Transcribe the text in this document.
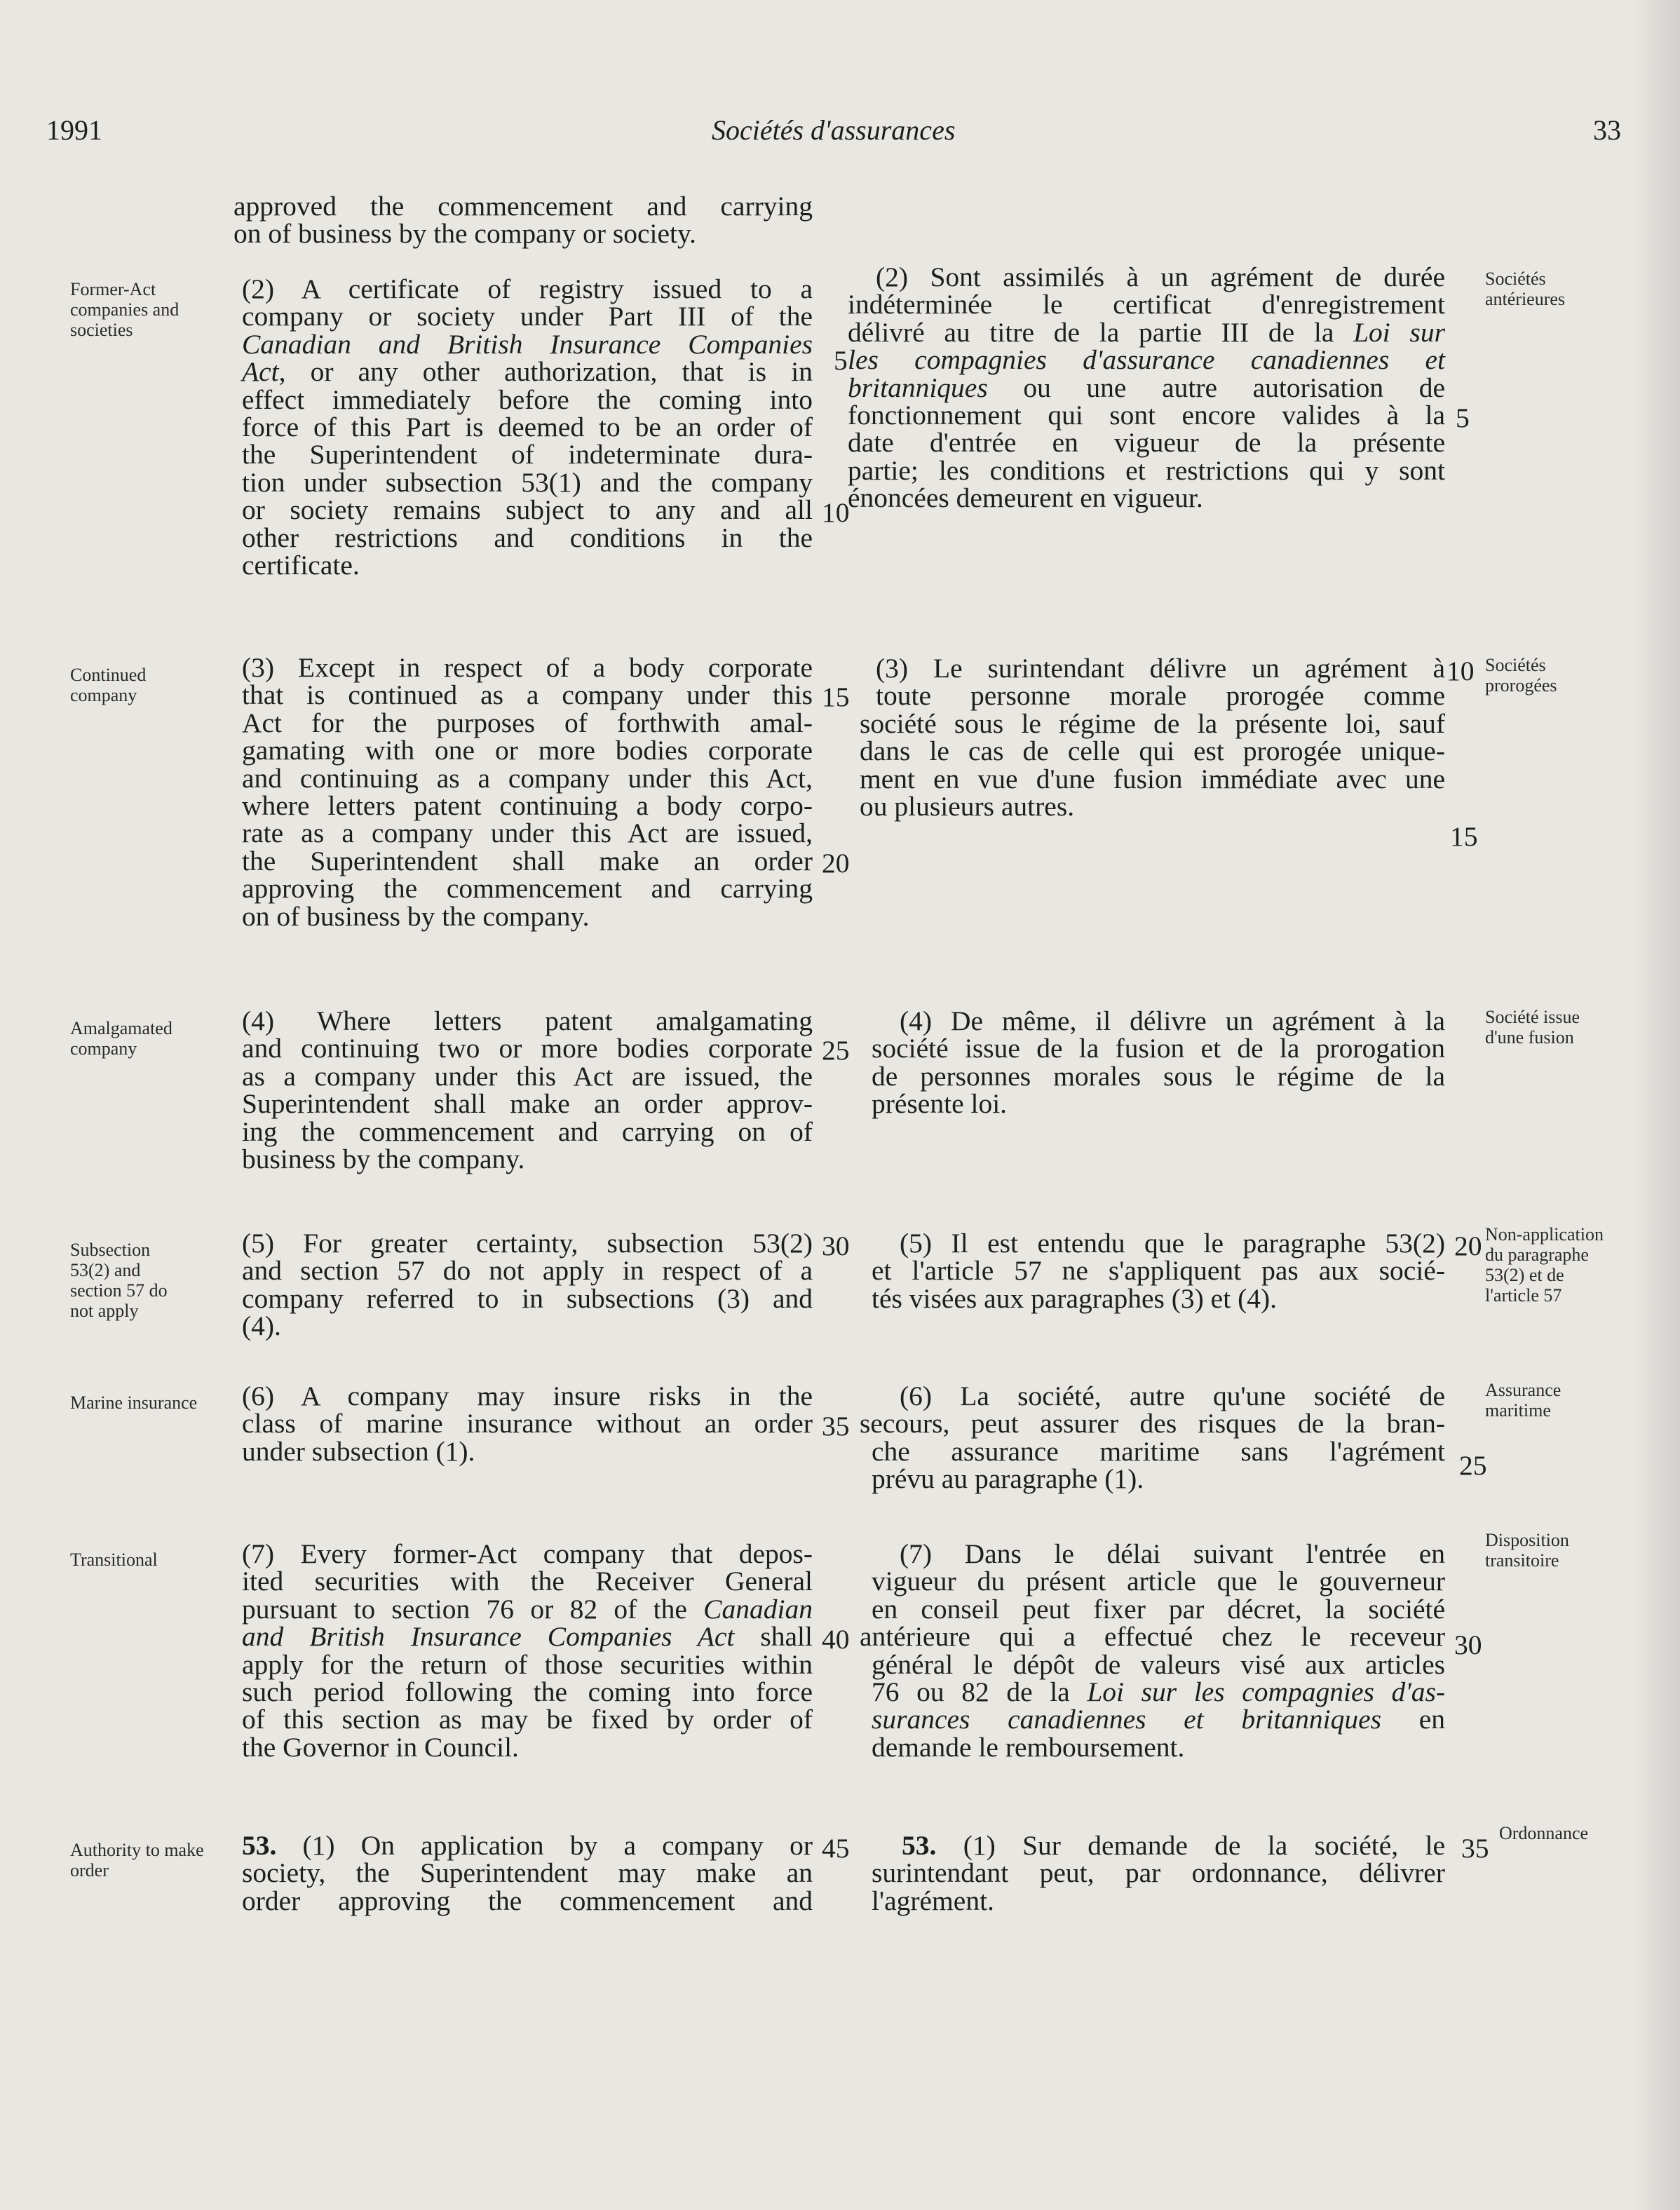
1991	Sociétés d'assurances	33
Former-Act companies and societies
Continued company
Amalgamated company
Subsection 53(2) and section 57 do not apply
Marine insurance
Transitional
Authority to make order
Sociétés antérieures
Sociétés prorogées
Société issue d'une fusion
Non-application du paragraphe 53(2) et de l'article 57
Assurance maritime
Disposition transitoire
Ordonnance
approved the commencement and carrying
on of business by the company or society.
(2) A certificate of registry issued to a
company or society under Part III of the
Canadian and British Insurance Companies
Act, or any other authorization, that is in
effect immediately before the coming into
force of this Part is deemed to be an order of
the Superintendent of indeterminate dura-
tion under subsection 53(1) and the company
or society remains subject to any and all
other restrictions and conditions in the
certificate.
(3) Except in respect of a body corporate
that is continued as a company under this
Act for the purposes of forthwith amal-
gamating with one or more bodies corporate
and continuing as a company under this Act,
where letters patent continuing a body corpo-
rate as a company under this Act are issued,
the Superintendent shall make an order
approving the commencement and carrying
on of business by the company.
(4) Where letters patent amalgamating
and continuing two or more bodies corporate
as a company under this Act are issued, the
Superintendent shall make an order approv-
ing the commencement and carrying on of
business by the company.
(5) For greater certainty, subsection 53(2)
and section 57 do not apply in respect of a
company referred to in subsections (3) and
(4).
(6) A company may insure risks in the
class of marine insurance without an order
under subsection (1).
(7) Every former-Act company that depos-
ited securities with the Receiver General
pursuant to section 76 or 82 of the Canadian
and British Insurance Companies Act shall
apply for the return of those securities within
such period following the coming into force
of this section as may be fixed by order of
the Governor in Council.
53. (1) On application by a company or
society, the Superintendent may make an
order approving the commencement and
5
10
15
20
25
30
35
40
45
(2) Sont assimilés à un agrément de durée
indéterminée le certificat d'enregistrement
délivré au titre de la partie III de la Loi sur
les compagnies d'assurance canadiennes et
britanniques ou une autre autorisation de
fonctionnement qui sont encore valides à la
date d'entrée en vigueur de la présente
partie; les conditions et restrictions qui y sont
énoncées demeurent en vigueur.
(3) Le surintendant délivre un agrément à
toute personne morale prorogée comme
société sous le régime de la présente loi, sauf
dans le cas de celle qui est prorogée unique-
ment en vue d'une fusion immédiate avec une
ou plusieurs autres.
(4) De même, il délivre un agrément à la
société issue de la fusion et de la prorogation
de personnes morales sous le régime de la
présente loi.
(5) Il est entendu que le paragraphe 53(2)
et l'article 57 ne s'appliquent pas aux socié-
tés visées aux paragraphes (3) et (4).
(6) La société, autre qu'une société de
secours, peut assurer des risques de la bran-
che assurance maritime sans l'agrément
prévu au paragraphe (1).
(7) Dans le délai suivant l'entrée en
vigueur du présent article que le gouverneur
en conseil peut fixer par décret, la société
antérieure qui a effectué chez le receveur
général le dépôt de valeurs visé aux articles
76 ou 82 de la Loi sur les compagnies d'as-
surances canadiennes et britanniques en
demande le remboursement.
53. (1) Sur demande de la société, le
surintendant peut, par ordonnance, délivrer
l'agrément.
5
10
15
20
25
30
35
